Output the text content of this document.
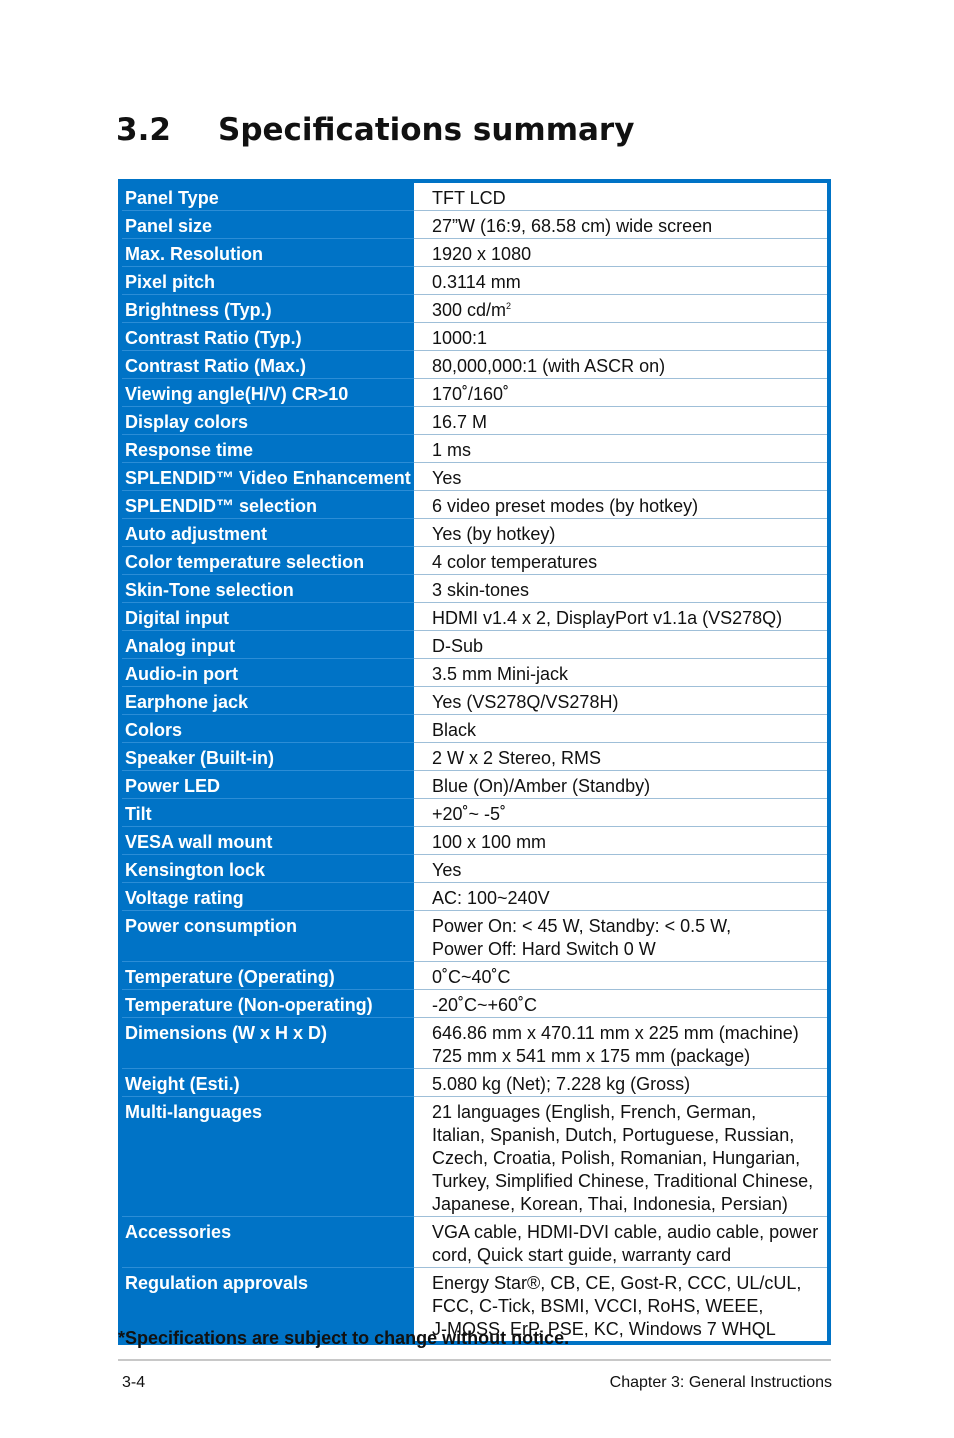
3.2 Specifications summary
Panel Type	TFT LCD
Panel size	27”W (16:9, 68.58 cm) wide screen
Max. Resolution	1920 x 1080
Pixel pitch	0.3114 mm
Brightness (Typ.)	300 $cd/m^2$
Contrast Ratio (Typ.)	1000:1
Contrast Ratio (Max.)	80,000,000:1 (with ASCR on)
Viewing angle(H/V) CR>10	170˚/160˚
Display colors	16.7 M
Response time	1 ms
SPLENDID™ Video Enhancement	Yes
SPLENDID™ selection	6 video preset modes (by hotkey)
Auto adjustment	Yes (by hotkey)
Color temperature selection	4 color temperatures
Skin-Tone selection	3 skin-tones
Digital input	HDMI v1.4 x 2, DisplayPort v1.1a (VS278Q)
Analog input	D-Sub
Audio-in port	3.5 mm Mini-jack
Earphone jack	Yes (VS278Q/VS278H)
Colors	Black
Speaker (Built-in)	2 W x 2 Stereo, RMS
Power LED	Blue (On)/Amber (Standby)
Tilt	+20˚~ -5˚
VESA wall mount	100 x 100 mm
Kensington lock	Yes
Voltage rating	AC: 100~240V
Power consumption	Power On: < 45 W, Standby: < 0.5 W,
Power Off: Hard Switch 0 W

Temperature (Operating)	0˚C~40˚C
Temperature (Non-operating)	-20˚C~+60˚C
Dimensions (W x H x D)	646.86 mm x 470.11 mm x 225 mm (machine)
725 mm x 541 mm x 175 mm (package)

Weight (Esti.)	5.080 kg (Net); 7.228 kg (Gross)
Multi-languages	21 languages (English, French, German,
Italian, Spanish, Dutch, Portuguese, Russian,
Czech, Croatia, Polish, Romanian, Hungarian,
Turkey, Simplified Chinese, Traditional Chinese,
Japanese, Korean, Thai, Indonesia, Persian)

Accessories	VGA cable, HDMI-DVI cable, audio cable, power
cord, Quick start guide, warranty card

Regulation approvals	Energy Star®, CB, CE, Gost-R, CCC, UL/cUL,
FCC, C-Tick, BSMI, VCCI, RoHS, WEEE,
J-MOSS, ErP, PSE, KC, Windows 7 WHQL
*Specifications are subject to change without notice.
3-4	Chapter 3: General Instructions
